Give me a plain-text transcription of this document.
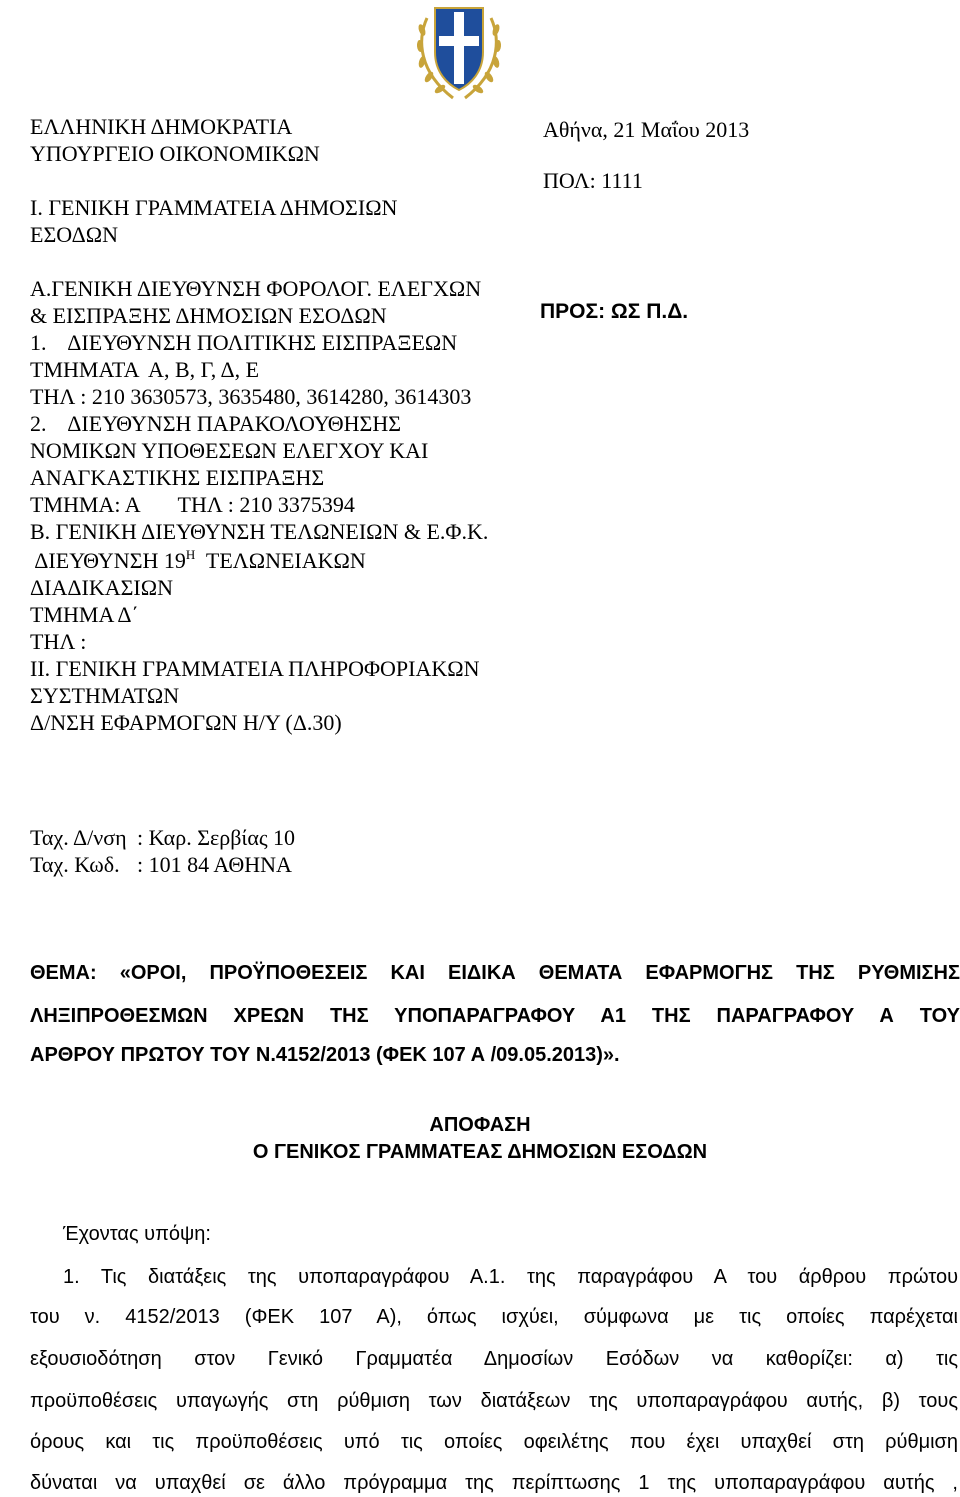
ΕΛΛΗΝΙΚΗ ΔΗΜΟΚΡΑΤΙΑ
ΥΠΟΥΡΓΕΙΟ ΟΙΚΟΝΟΜΙΚΩΝ
Ι. ΓΕΝΙΚΗ ΓΡΑΜΜΑΤΕΙΑ ΔΗΜΟΣΙΩΝ
ΕΣΟΔΩΝ
Α.ΓΕΝΙΚΗ ΔΙΕΥΘΥΝΣΗ ΦΟΡΟΛΟΓ. ΕΛΕΓΧΩΝ
& ΕΙΣΠΡΑΞΗΣ ΔΗΜΟΣΙΩΝ ΕΣΟΔΩΝ
1.    ΔΙΕΥΘΥΝΣΗ ΠΟΛΙΤΙΚΗΣ ΕΙΣΠΡΑΞΕΩΝ
ΤΜΗΜΑΤΑ  Α, Β, Γ, Δ, Ε
ΤΗΛ : 210 3630573, 3635480, 3614280, 3614303
2.    ΔΙΕΥΘΥΝΣΗ ΠΑΡΑΚΟΛΟΥΘΗΣΗΣ
ΝΟΜΙΚΩΝ ΥΠΟΘΕΣΕΩΝ ΕΛΕΓΧΟΥ ΚΑΙ
ΑΝΑΓΚΑΣΤΙΚΗΣ ΕΙΣΠΡΑΞΗΣ
ΤΜΗΜΑ: Α       ΤΗΛ : 210 3375394
Β. ΓΕΝΙΚΗ ΔΙΕΥΘΥΝΣΗ ΤΕΛΩΝΕΙΩΝ & Ε.Φ.Κ.
ΔΙΕΥΘΥΝΣΗ $19^H$  ΤΕΛΩΝΕΙΑΚΩΝ
ΔΙΑΔΙΚΑΣΙΩΝ
ΤΜΗΜΑ Δ΄
ΤΗΛ :
ΙΙ. ΓΕΝΙΚΗ ΓΡΑΜΜΑΤΕΙΑ ΠΛΗΡΟΦΟΡΙΑΚΩΝ
ΣΥΣΤΗΜΑΤΩΝ
Δ/ΝΣΗ ΕΦΑΡΜΟΓΩΝ Η/Υ (Δ.30)
Αθήνα, 21 Μαΐου 2013
ΠΟΛ: 1111
ΠΡΟΣ: ΩΣ Π.Δ.
Ταχ. Δ/νση : Καρ. Σερβίας 10
Ταχ. Κωδ. : 101 84 ΑΘΗΝΑ
ΘΕΜΑ: «ΟΡΟΙ, ΠΡΟΫΠΟΘΕΣΕΙΣ ΚΑΙ ΕΙΔΙΚΑ ΘΕΜΑΤΑ ΕΦΑΡΜΟΓΗΣ ΤΗΣ ΡΥΘΜΙΣΗΣ
ΛΗΞΙΠΡΟΘΕΣΜΩΝ ΧΡΕΩΝ ΤΗΣ ΥΠΟΠΑΡΑΓΡΑΦΟΥ Α1 ΤΗΣ ΠΑΡΑΓΡΑΦΟΥ Α ΤΟΥ
ΑΡΘΡΟΥ ΠΡΩΤΟΥ ΤΟΥ Ν.4152/2013 (ΦΕΚ 107 Α /09.05.2013)».
ΑΠΟΦΑΣΗ
Ο ΓΕΝΙΚΟΣ ΓΡΑΜΜΑΤΕΑΣ ΔΗΜΟΣΙΩΝ ΕΣΟΔΩΝ
Έχοντας υπόψη:
1. Τις διατάξεις της υποπαραγράφου Α.1. της παραγράφου Α του άρθρου πρώτου
του ν. 4152/2013 (ΦΕΚ 107 Α), όπως ισχύει, σύμφωνα με τις οποίες παρέχεται
εξουσιοδότηση στον Γενικό Γραμματέα Δημοσίων Εσόδων να καθορίζει: α) τις
προϋποθέσεις υπαγωγής στη ρύθμιση των διατάξεων της υποπαραγράφου αυτής, β) τους
όρους και τις προϋποθέσεις υπό τις οποίες οφειλέτης που έχει υπαχθεί στη ρύθμιση
δύναται να υπαχθεί σε άλλο πρόγραμμα της περίπτωσης 1 της υποπαραγράφου αυτής ,
